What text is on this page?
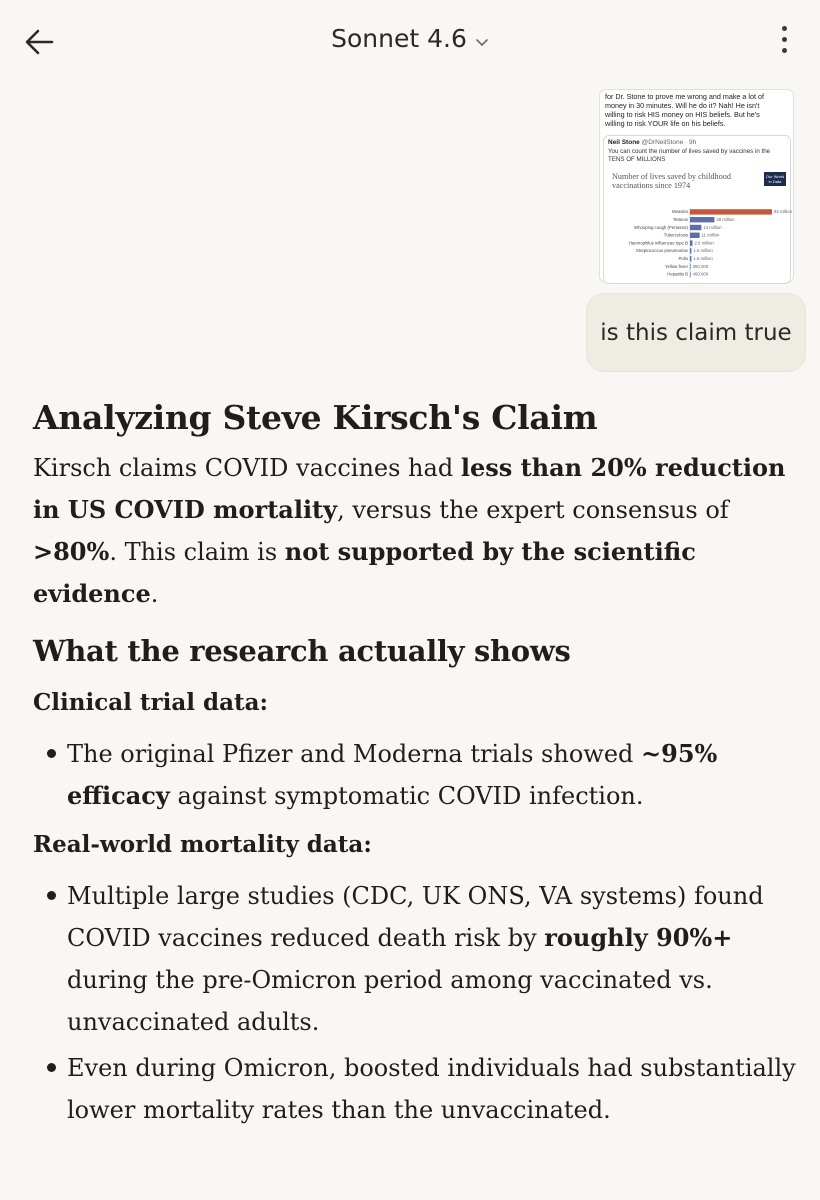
Sonnet 4.6
for Dr. Stone to prove me wrong and make a lot of
money in 30 minutes. Will he do it? Nah! He isn't
willing to risk HIS money on HIS beliefs. But he's
willing to risk YOUR life on his beliefs.
Neil Stone @DrNeilStone · 9h
You can count the number of lives saved by vaccines in the TENS OF MILLIONS
Number of lives saved by childhood vaccinations since 1974
Our World in Data
Measles	94 million
Tetanus	28 million
Whooping cough (Pertussis)	13 million
Tuberculosis	11 million
Haemophilus influenzae type B 2.8 million
Streptococcus pneumoniae 1.6 million
Polio 1.6 million
Yellow fever 350,000
Hepatitis B 460,000
is this claim true
Analyzing Steve Kirsch's Claim

Kirsch claims COVID vaccines had less than 20% reduction in US COVID mortality, versus the expert consensus of >80%. This claim is not supported by the scientific evidence.

What the research actually shows
Clinical trial data:
The original Pfizer and Moderna trials showed ~95% efficacy against symptomatic COVID infection.
Real-world mortality data:
Multiple large studies (CDC, UK ONS, VA systems) found COVID vaccines reduced death risk by roughly 90%+ during the pre-Omicron period among vaccinated vs. unvaccinated adults.
Even during Omicron, boosted individuals had substantially lower mortality rates than the unvaccinated.
